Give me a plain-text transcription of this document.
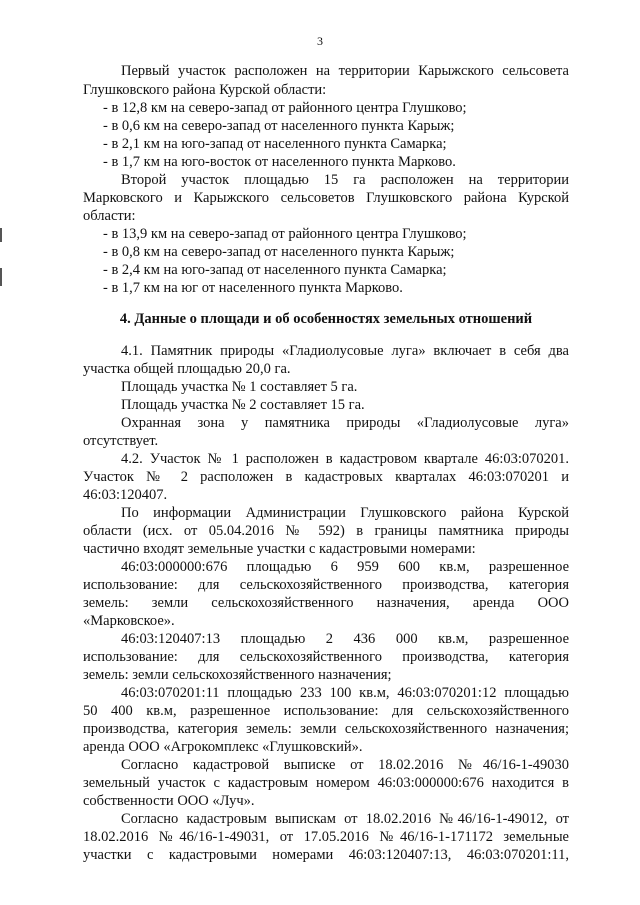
3
Первый участок расположен на территории Карыжского сельсовета
Глушковского района Курской области:
- в 12,8 км на северо-запад от районного центра Глушково;
- в 0,6 км на северо-запад от населенного пункта Карыж;
- в 2,1 км на юго-запад от населенного пункта Самарка;
- в 1,7 км на юго-восток от населенного пункта Марково.
Второй участок площадью 15 га расположен на территории
Марковского и Карыжского сельсоветов Глушковского района Курской
области:
- в 13,9 км на северо-запад от районного центра Глушково;
- в 0,8 км на северо-запад от населенного пункта Карыж;
- в 2,4 км на юго-запад от населенного пункта Самарка;
- в 1,7 км на юг от населенного пункта Марково.
4. Данные о площади и об особенностях земельных отношений
4.1. Памятник природы «Гладиолусовые луга» включает в себя два
участка общей площадью 20,0 га.
Площадь участка № 1 составляет 5 га.
Площадь участка № 2 составляет 15 га.
Охранная зона у памятника природы «Гладиолусовые луга»
отсутствует.
4.2. Участок № 1 расположен в кадастровом квартале 46:03:070201.
Участок № 2 расположен в кадастровых кварталах 46:03:070201 и
46:03:120407.
По информации Администрации Глушковского района Курской
области (исх. от 05.04.2016 № 592) в границы памятника природы
частично входят земельные участки с кадастровыми номерами:
46:03:000000:676 площадью 6 959 600 кв.м, разрешенное
использование: для сельскохозяйственного производства, категория
земель: земли сельскохозяйственного назначения, аренда ООО
«Марковское».
46:03:120407:13 площадью 2 436 000 кв.м, разрешенное
использование: для сельскохозяйственного производства, категория
земель: земли сельскохозяйственного назначения;
46:03:070201:11 площадью 233 100 кв.м, 46:03:070201:12 площадью
50 400 кв.м, разрешенное использование: для сельскохозяйственного
производства, категория земель: земли сельскохозяйственного назначения;
аренда ООО «Агрокомплекс «Глушковский».
Согласно кадастровой выписке от 18.02.2016 №46/16-1-49030
земельный участок с кадастровым номером 46:03:000000:676 находится в
собственности ООО «Луч».
Согласно кадастровым выпискам от 18.02.2016 №46/16-1-49012, от
18.02.2016 №46/16-1-49031, от 17.05.2016 №46/16-1-171172 земельные
участки с кадастровыми номерами 46:03:120407:13, 46:03:070201:11,
